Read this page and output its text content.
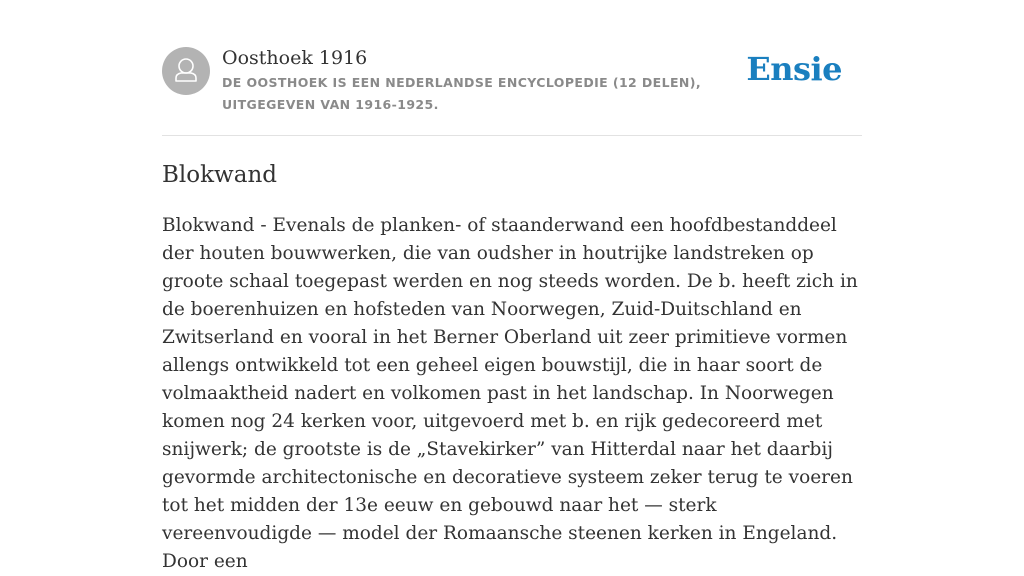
Oosthoek 1916
DE OOSTHOEK IS EEN NEDERLANDSE ENCYCLOPEDIE (12 DELEN), UITGEGEVEN VAN 1916-1925.
Ensie
Blokwand

Blokwand - Evenals de planken- of staanderwand een hoofdbestanddeel der houten bouwwerken, die van oudsher in houtrijke landstreken op groote schaal toegepast werden en nog steeds worden. De b. heeft zich in de boerenhuizen en hofsteden van Noorwegen, Zuid-Duitschland en Zwitserland en vooral in het Berner Oberland uit zeer primitieve vormen allengs ontwikkeld tot een geheel eigen bouwstijl, die in haar soort de volmaaktheid nadert en volkomen past in het landschap. In Noorwegen komen nog 24 kerken voor, uitgevoerd met b. en rijk gedecoreerd met snijwerk; de grootste is de „Stavekirker” van Hitterdal naar het daarbij gevormde architectonische en decoratieve systeem zeker terug te voeren tot het midden der 13e eeuw en gebouwd naar het — sterk vereenvoudigde — model der Romaansche steenen kerken in Engeland. Door een
